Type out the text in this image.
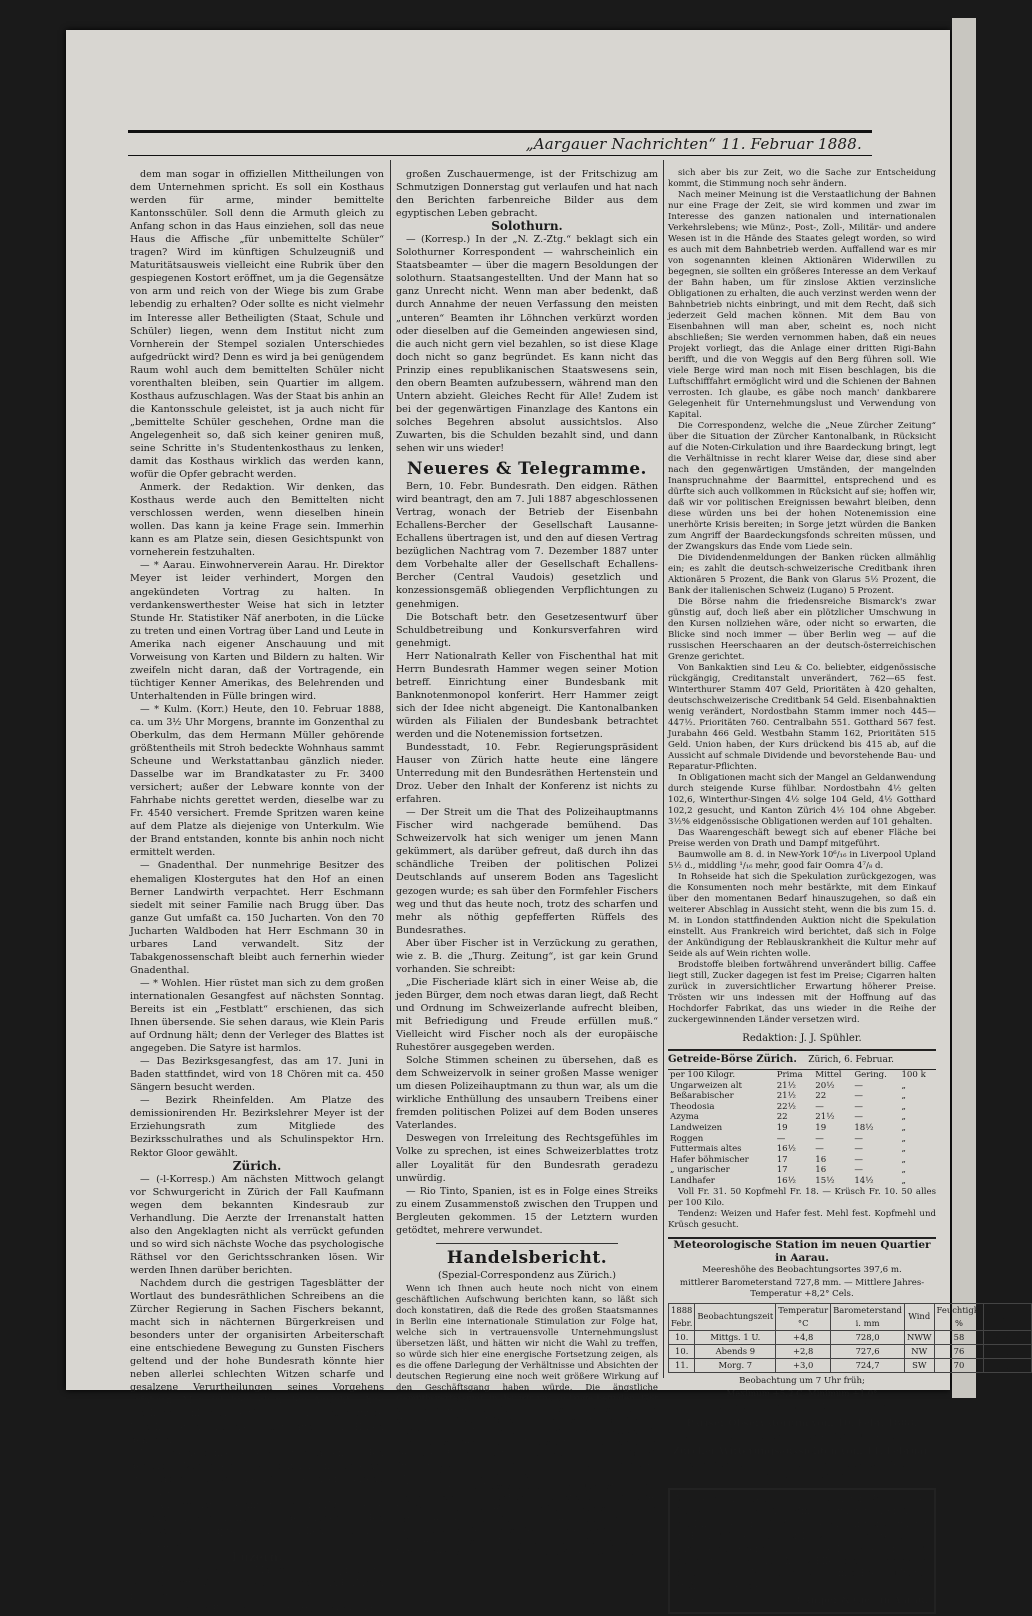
„Aargauer Nachrichten“ 11. Februar 1888.

dem man sogar in offiziellen Mittheilungen von dem Unternehmen spricht. Es soll ein Kosthaus werden für arme, minder bemittelte Kantonsschüler. Soll denn die Armuth gleich zu Anfang schon in das Haus einziehen, soll das neue Haus die Affische „für unbemittelte Schüler“ tragen? Wird im künftigen Schulzeugniß und Maturitätsausweis vielleicht eine Rubrik über den gespiegenen Kostort eröffnet, um ja die Gegensätze von arm und reich von der Wiege bis zum Grabe lebendig zu erhalten? Oder sollte es nicht vielmehr im Interesse aller Betheiligten (Staat, Schule und Schüler) liegen, wenn dem Institut nicht zum Vornherein der Stempel sozialen Unterschiedes aufgedrückt wird? Denn es wird ja bei genügendem Raum wohl auch dem bemittelten Schüler nicht vorenthalten bleiben, sein Quartier im allgem. Kosthaus aufzuschlagen. Was der Staat bis anhin an die Kantonsschule geleistet, ist ja auch nicht für „bemittelte Schüler geschehen, Ordne man die Angelegenheit so, daß sich keiner geniren muß, seine Schritte in's Studentenkosthaus zu lenken, damit das Kosthaus wirklich das werden kann, wofür die Opfer gebracht werden.

Anmerk. der Redaktion. Wir denken, das Kosthaus werde auch den Bemittelten nicht verschlossen werden, wenn dieselben hinein wollen. Das kann ja keine Frage sein. Immerhin kann es am Platze sein, diesen Gesichtspunkt von vorneherein festzuhalten.

— * Aarau. Einwohnerverein Aarau. Hr. Direktor Meyer ist leider verhindert, Morgen den angekündeten Vortrag zu halten. In verdankenswerthester Weise hat sich in letzter Stunde Hr. Statistiker Näf anerboten, in die Lücke zu treten und einen Vortrag über Land und Leute in Amerika nach eigener Anschauung und mit Vorweisung von Karten und Bildern zu halten. Wir zweifeln nicht daran, daß der Vortragende, ein tüchtiger Kenner Amerikas, des Belehrenden und Unterhaltenden in Fülle bringen wird.

— * Kulm. (Korr.) Heute, den 10. Februar 1888, ca. um 3½ Uhr Morgens, brannte im Gonzenthal zu Oberkulm, das dem Hermann Müller gehörende größtentheils mit Stroh bedeckte Wohnhaus sammt Scheune und Werkstattanbau gänzlich nieder. Dasselbe war im Brandkataster zu Fr. 3400 versichert; außer der Lebware konnte von der Fahrhabe nichts gerettet werden, dieselbe war zu Fr. 4540 versichert. Fremde Spritzen waren keine auf dem Platze als diejenige von Unterkulm. Wie der Brand entstanden, konnte bis anhin noch nicht ermittelt werden.

— Gnadenthal. Der nunmehrige Besitzer des ehemaligen Klostergutes hat den Hof an einen Berner Landwirth verpachtet. Herr Eschmann siedelt mit seiner Familie nach Brugg über. Das ganze Gut umfaßt ca. 150 Jucharten. Von den 70 Jucharten Waldboden hat Herr Eschmann 30 in urbares Land verwandelt. Sitz der Tabakgenossenschaft bleibt auch fernerhin wieder Gnadenthal.

— * Wohlen. Hier rüstet man sich zu dem großen internationalen Gesangfest auf nächsten Sonntag. Bereits ist ein „Festblatt“ erschienen, das sich Ihnen übersende. Sie sehen daraus, wie Klein Paris auf Ordnung hält; denn der Verleger des Blattes ist angegeben. Die Satyre ist harmlos.

— Das Bezirksgesangfest, das am 17. Juni in Baden stattfindet, wird von 18 Chören mit ca. 450 Sängern besucht werden.

— Bezirk Rheinfelden. Am Platze des demissionirenden Hr. Bezirkslehrer Meyer ist der Erziehungsrath zum Mitgliede des Bezirksschulrathes und als Schulinspektor Hrn. Rektor Gloor gewählt.

Zürich.

— (-l-Korresp.) Am nächsten Mittwoch gelangt vor Schwurgericht in Zürich der Fall Kaufmann wegen dem bekannten Kindesraub zur Verhandlung. Die Aerzte der Irrenanstalt hatten also den Angeklagten nicht als verrückt gefunden und so wird sich nächste Woche das psychologische Räthsel vor den Gerichtsschranken lösen. Wir werden Ihnen darüber berichten.

Nachdem durch die gestrigen Tagesblätter der Wortlaut des bundesräthlichen Schreibens an die Zürcher Regierung in Sachen Fischers bekannt, macht sich in nächternen Bürgerkreisen und besonders unter der organisirten Arbeiterschaft eine entschiedene Bewegung zu Gunsten Fischers geltend und der hohe Bundesrath könnte hier neben allerlei schlechten Witzen scharfe und gesalzene Verurtheilungen seines Vorgehens erfahren. Man ist hier eben der Ansicht, ohne Fischers „Inkorrektheit“ wäre die schmutzige Wäsche auch diesmal nicht aus dem Hafen gekommen.

Wieder eine ganze Reihe von Diebstählen werden gemeldet. Neben armen Mägdezimmern wurde am Dienstag bei heiter hellem Tage auch ein Büreau ausgeleert.

— Auf nächsten Sonntag wird in Zürich eine Bezirks-Volksversammlung gegenüber den Bundesrathsreskripten in Sachen Fischers abgehalten.

Luzern.

— Hier wird vom 1. Mai an der Gaspreis für Motoren auf 20 Cts. wie in Basel und Zürich reduzirt.

— Bei unfreundlichem Schneewetter, aber einer

großen Zuschauermenge, ist der Fritschizug am Schmutzigen Donnerstag gut verlaufen und hat nach den Berichten farbenreiche Bilder aus dem egyptischen Leben gebracht.

Solothurn.

— (Korresp.) In der „N. Z.-Ztg.“ beklagt sich ein Solothurner Korrespondent — wahrscheinlich ein Staatsbeamter — über die magern Besoldungen der solothurn. Staatsangestellten. Und der Mann hat so ganz Unrecht nicht. Wenn man aber bedenkt, daß durch Annahme der neuen Verfassung den meisten „unteren“ Beamten ihr Löhnchen verkürzt worden oder dieselben auf die Gemeinden angewiesen sind, die auch nicht gern viel bezahlen, so ist diese Klage doch nicht so ganz begründet. Es kann nicht das Prinzip eines republikanischen Staatswesens sein, den obern Beamten aufzubessern, während man den Untern abzieht. Gleiches Recht für Alle! Zudem ist bei der gegenwärtigen Finanzlage des Kantons ein solches Begehren absolut aussichtslos. Also Zuwarten, bis die Schulden bezahlt sind, und dann sehen wir uns wieder!

Neueres & Telegramme.

Bern, 10. Febr. Bundesrath. Den eidgen. Räthen wird beantragt, den am 7. Juli 1887 abgeschlossenen Vertrag, wonach der Betrieb der Eisenbahn Echallens-Bercher der Gesellschaft Lausanne-Echallens übertragen ist, und den auf diesen Vertrag bezüglichen Nachtrag vom 7. Dezember 1887 unter dem Vorbehalte aller der Gesellschaft Echallens-Bercher (Central Vaudois) gesetzlich und konzessionsgemäß obliegenden Verpflichtungen zu genehmigen.

Die Botschaft betr. den Gesetzesentwurf über Schuldbetreibung und Konkursverfahren wird genehmigt.

Herr Nationalrath Keller von Fischenthal hat mit Herrn Bundesrath Hammer wegen seiner Motion betreff. Einrichtung einer Bundesbank mit Banknotenmonopol konferirt. Herr Hammer zeigt sich der Idee nicht abgeneigt. Die Kantonalbanken würden als Filialen der Bundesbank betrachtet werden und die Notenemission fortsetzen.

Bundesstadt, 10. Febr. Regierungspräsident Hauser von Zürich hatte heute eine längere Unterredung mit den Bundesräthen Hertenstein und Droz. Ueber den Inhalt der Konferenz ist nichts zu erfahren.

— Der Streit um die That des Polizeihauptmanns Fischer wird nachgerade bemühend. Das Schweizervolk hat sich weniger um jenen Mann gekümmert, als darüber gefreut, daß durch ihn das schändliche Treiben der politischen Polizei Deutschlands auf unserem Boden ans Tageslicht gezogen wurde; es sah über den Formfehler Fischers weg und thut das heute noch, trotz des scharfen und mehr als nöthig gepfefferten Rüffels des Bundesrathes.

Aber über Fischer ist in Verzückung zu gerathen, wie z. B. die „Thurg. Zeitung“, ist gar kein Grund vorhanden. Sie schreibt:

„Die Fischeriade klärt sich in einer Weise ab, die jeden Bürger, dem noch etwas daran liegt, daß Recht und Ordnung im Schweizerlande aufrecht bleiben, mit Befriedigung und Freude erfüllen muß.“ Vielleicht wird Fischer noch als der europäische Ruhestörer ausgegeben werden.

Solche Stimmen scheinen zu übersehen, daß es dem Schweizervolk in seiner großen Masse weniger um diesen Polizeihauptmann zu thun war, als um die wirkliche Enthüllung des unsaubern Treibens einer fremden politischen Polizei auf dem Boden unseres Vaterlandes.

Deswegen von Irreleitung des Rechtsgefühles im Volke zu sprechen, ist eines Schweizerblattes trotz aller Loyalität für den Bundesrath geradezu unwürdig.

— Rio Tinto, Spanien, ist es in Folge eines Streiks zu einem Zusammenstoß zwischen den Truppen und Bergleuten gekommen. 15 der Letztern wurden getödtet, mehrere verwundet.

Handelsbericht.
(Spezial-Correspondenz aus Zürich.)

Wenn ich Ihnen auch heute noch nicht von einem geschäftlichen Aufschwung berichten kann, so läßt sich doch konstatiren, daß die Rede des großen Staatsmannes in Berlin eine internationale Stimulation zur Folge hat, welche sich in vertrauensvolle Unternehmungslust übersetzen läßt, und hätten wir nicht die Wahl zu treffen, so würde sich hier eine energische Fortsetzung zeigen, als es die offene Darlegung der Verhältnisse und Absichten der deutschen Regierung eine noch weit größere Wirkung auf den Geschäftsgang haben würde. Die ängstliche Gemüthsverfassung, in der wir uns so lange befinden, läßt sich zwar heute noch nicht völlig abschütteln, so viel aber steht fest, daß kein Mißtrauen mehr besteht, daß wir nicht mehr auf einen Krieg rechnen, nicht nur ein vollständig ehrliches, sondern auch in Rücksicht auf die Stärke der deutschen Heeresmacht ein fast wertvolles Bündniß mit den Deutschen uns ehrlich eine Weise unterbrochen werden wird und auch nicht kann.

Hier bildet die Verstaatlichung der Nordostbahn das tägliche Traktandum der Börse, doch ist auch von Seite des Publikums die Ausscheidung der Generalversammlung der Aktionäre letztere Gestalt angenommen hat und wenigstens von dieser entschieden werden wird.

Gegenwärtig ist im Volke noch wenig Geneigtheit, den Betrieb der Bahnen an den Staat zu bringen, es dürfte

sich aber bis zur Zeit, wo die Sache zur Entscheidung kommt, die Stimmung noch sehr ändern.

Nach meiner Meinung ist die Verstaatlichung der Bahnen nur eine Frage der Zeit, sie wird kommen und zwar im Interesse des ganzen nationalen und internationalen Verkehrslebens; wie Münz-, Post-, Zoll-, Militär- und andere Wesen ist in die Hände des Staates gelegt worden, so wird es auch mit dem Bahnbetrieb werden. Auffallend war es mir von sogenannten kleinen Aktionären Widerwillen zu begegnen, sie sollten ein größeres Interesse an dem Verkauf der Bahn haben, um für zinslose Aktien verzinsliche Obligationen zu erhalten, die auch verzinst werden wenn der Bahnbetrieb nichts einbringt, und mit dem Recht, daß sich jederzeit Geld machen können. Mit dem Bau von Eisenbahnen will man aber, scheint es, noch nicht abschließen; Sie werden vernommen haben, daß ein neues Projekt vorliegt, das die Anlage einer dritten Rigi-Bahn berifft, und die von Weggis auf den Berg führen soll. Wie viele Berge wird man noch mit Eisen beschlagen, bis die Luftschifffahrt ermöglicht wird und die Schienen der Bahnen verrosten. Ich glaube, es gäbe noch manch' dankbarere Gelegenheit für Unternehmungslust und Verwendung von Kapital.

Die Correspondenz, welche die „Neue Zürcher Zeitung“ über die Situation der Zürcher Kantonalbank, in Rücksicht auf die Noten-Cirkulation und ihre Baardeckung bringt, legt die Verhältnisse in recht klarer Weise dar, diese sind aber nach den gegenwärtigen Umständen, der mangelnden Inanspruchnahme der Baarmittel, entsprechend und es dürfte sich auch vollkommen in Rücksicht auf sie; hoffen wir, daß wir vor politischen Ereignissen bewahrt bleiben, denn diese würden uns bei der hohen Notenemission eine unerhörte Krisis bereiten; in Sorge jetzt würden die Banken zum Angriff der Baardeckungsfonds schreiten müssen, und der Zwangskurs das Ende vom Liede sein.

Die Dividendenmeldungen der Banken rücken allmählig ein; es zahlt die deutsch-schweizerische Creditbank ihren Aktionären 5 Prozent, die Bank von Glarus 5½ Prozent, die Bank der italienischen Schweiz (Lugano) 5 Prozent.

Die Börse nahm die friedensreiche Bismarck's zwar günstig auf, doch ließ aber ein plötzlicher Umschwung in den Kursen nollziehen wäre, oder nicht so erwarten, die Blicke sind noch immer — über Berlin weg — auf die russischen Heerschaaren an der deutsch-österreichischen Grenze gerichtet.

Von Bankaktien sind Leu & Co. beliebter, eidgenössische rückgängig, Creditanstalt unverändert, 762—65 fest. Winterthurer Stamm 407 Geld, Prioritäten à 420 gehalten, deutschschweizerische Creditbank 54 Geld. Eisenbahnaktien wenig verändert, Nordostbahn Stamm immer noch 445—447½. Prioritäten 760. Centralbahn 551. Gotthard 567 fest. Jurabahn 466 Geld. Westbahn Stamm 162, Prioritäten 515 Geld. Union haben, der Kurs drückend bis 415 ab, auf die Aussicht auf schmale Dividende und bevorstehende Bau- und Reparatur-Pflichten.

In Obligationen macht sich der Mangel an Geldanwendung durch steigende Kurse fühlbar. Nordostbahn 4½ gelten 102,6, Winterthur-Singen 4½ solge 104 Geld, 4½ Gotthard 102,2 gesucht, und Kanton Zürich 4½ 104 ohne Abgeber. 3½% eidgenössische Obligationen werden auf 101 gehalten.

Das Waarengeschäft bewegt sich auf ebener Fläche bei Preise werden von Drath und Dampf mitgeführt.

Baumwolle am 8. d. in New-York 10⁶/₁₆ in Liverpool Upland 5½ d., middling ¹/₁₆ mehr, good fair Oomra 4⁷/₈ d.

In Rohseide hat sich die Spekulation zurückgezogen, was die Konsumenten noch mehr bestärkte, mit dem Einkauf über den momentanen Bedarf hinauszugehen, so daß ein weiterer Abschlag in Aussicht steht, wenn die bis zum 15. d. M. in London stattfindenden Auktion nicht die Spekulation einstellt. Aus Frankreich wird berichtet, daß sich in Folge der Ankündigung der Reblauskrankheit die Kultur mehr auf Seide als auf Wein richten wolle.

Brodstoffe bleiben fortwährend unverändert billig. Caffee liegt still, Zucker dagegen ist fest im Preise; Cigarren halten zurück in zuversichtlicher Erwartung höherer Preise. Trösten wir uns indessen mit der Hoffnung auf das Hochdorfer Fabrikat, das uns wieder in die Reihe der zuckergewinnenden Länder versetzen wird.

Redaktion: J. J. Spühler.
Getreide-Börse Zürich. Zürich, 6. Februar.
per 100 Kilogr.	Prima	Mittel	Gering.	100 k
Ungarweizen alt	21½	20½	—	„
Beßarabischer	21½	22	—	„
Theodosia	22½	—	—	„
Azyma	22	21½	—	„
Landweizen	19	19	18½	„
Roggen	—	—	—	„
Futtermais altes	16½	—	—	„
Hafer böhmischer	17	16	—	„
„ ungarischer	17	16	—	„
Landhafer	16½	15½	14½	„

Voll Fr. 31. 50 Kopfmehl Fr. 18. — Krüsch Fr. 10. 50 alles per 100 Kilo.

Tendenz: Weizen und Hafer fest. Mehl fest. Kopfmehl und Krüsch gesucht.

Meteorologische Station im neuen Quartier in Aarau.
Meereshöhe des Beobachtungsortes 397,6 m.
mittlerer Barometerstand 727,8 mm. — Mittlere Jahres-Temperatur +8,2° Cels.
1888 Febr.	Beobachtungszeit	Temperatur °C	Barometerstand i. mm	Wind	Feuchtigk. %	Witterung
10.	Mittgs. 1 U.	+4,8	728,0	NWW	58	bewölkt
10.	Abends 9	+2,8	727,6	NW	76	„
11.	Morg. 7	+3,0	724,7	SW	70	„
Beobachtung um 7 Uhr früh;
Maximum +5,2 C. Minimum +1,0°
Niederschlag gemessen 7 Uhr früh 0,2 mm.
Pariser Observatorium vom 10. Febr. 1888.
Veränderliches Wetter ohne erhebliche Niederschläge.
Zürcher Witterungsaussichten vom 11. Februar.
Wahrscheinlich veränderlicher Wind, bewölkt, ziemlich normale Temperatur.
Wir versenden gegen Baar, oder unter Nachnahme: Schwarze Merinos: 1. ordinäre Qualität zu Fr. 1. 16 die Elle, oder Fr. 165 der Meter; 2. mittlere Qualität zu Fr. 1. 50 die Elle, oder Fr. 2. 50 der Meter und 3. extra feine Qualität zu Fr. 2 die Elle oder Fr. 3. 35 der Meter, in vorzüglicher, 2 Ellen breiter und schön blauschwarzer Waare, portofrei in's Haus. Muster stehen zu Diensten:
609]	Gamper & Cie., in Aarau.
